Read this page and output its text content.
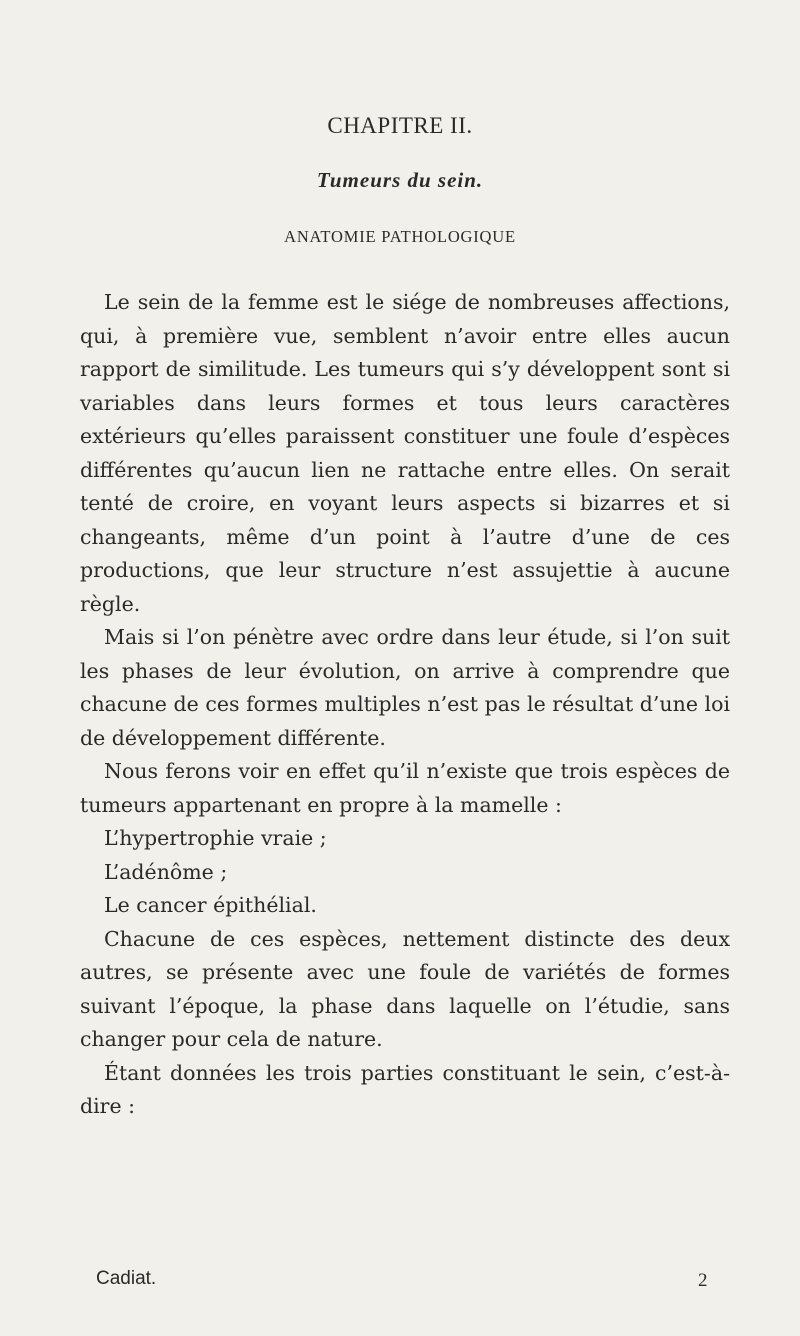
CHAPITRE II.
Tumeurs du sein.
ANATOMIE PATHOLOGIQUE

Le sein de la femme est le siége de nombreuses affections, qui, à première vue, semblent n’avoir entre elles aucun rapport de similitude. Les tumeurs qui s’y développent sont si variables dans leurs formes et tous leurs caractères extérieurs qu’elles paraissent constituer une foule d’espèces différentes qu’aucun lien ne rattache entre elles. On serait tenté de croire, en voyant leurs aspects si bizarres et si changeants, même d’un point à l’autre d’une de ces productions, que leur structure n’est assujettie à aucune règle.

Mais si l’on pénètre avec ordre dans leur étude, si l’on suit les phases de leur évolution, on arrive à comprendre que chacune de ces formes multiples n’est pas le résultat d’une loi de développement différente.

Nous ferons voir en effet qu’il n’existe que trois espèces de tumeurs appartenant en propre à la mamelle :

L’hypertrophie vraie ;

L’adénôme ;

Le cancer épithélial.

Chacune de ces espèces, nettement distincte des deux autres, se présente avec une foule de variétés de formes suivant l’époque, la phase dans laquelle on l’étudie, sans changer pour cela de nature.

Étant données les trois parties constituant le sein, c’est-à-dire :

Cadiat.	2
